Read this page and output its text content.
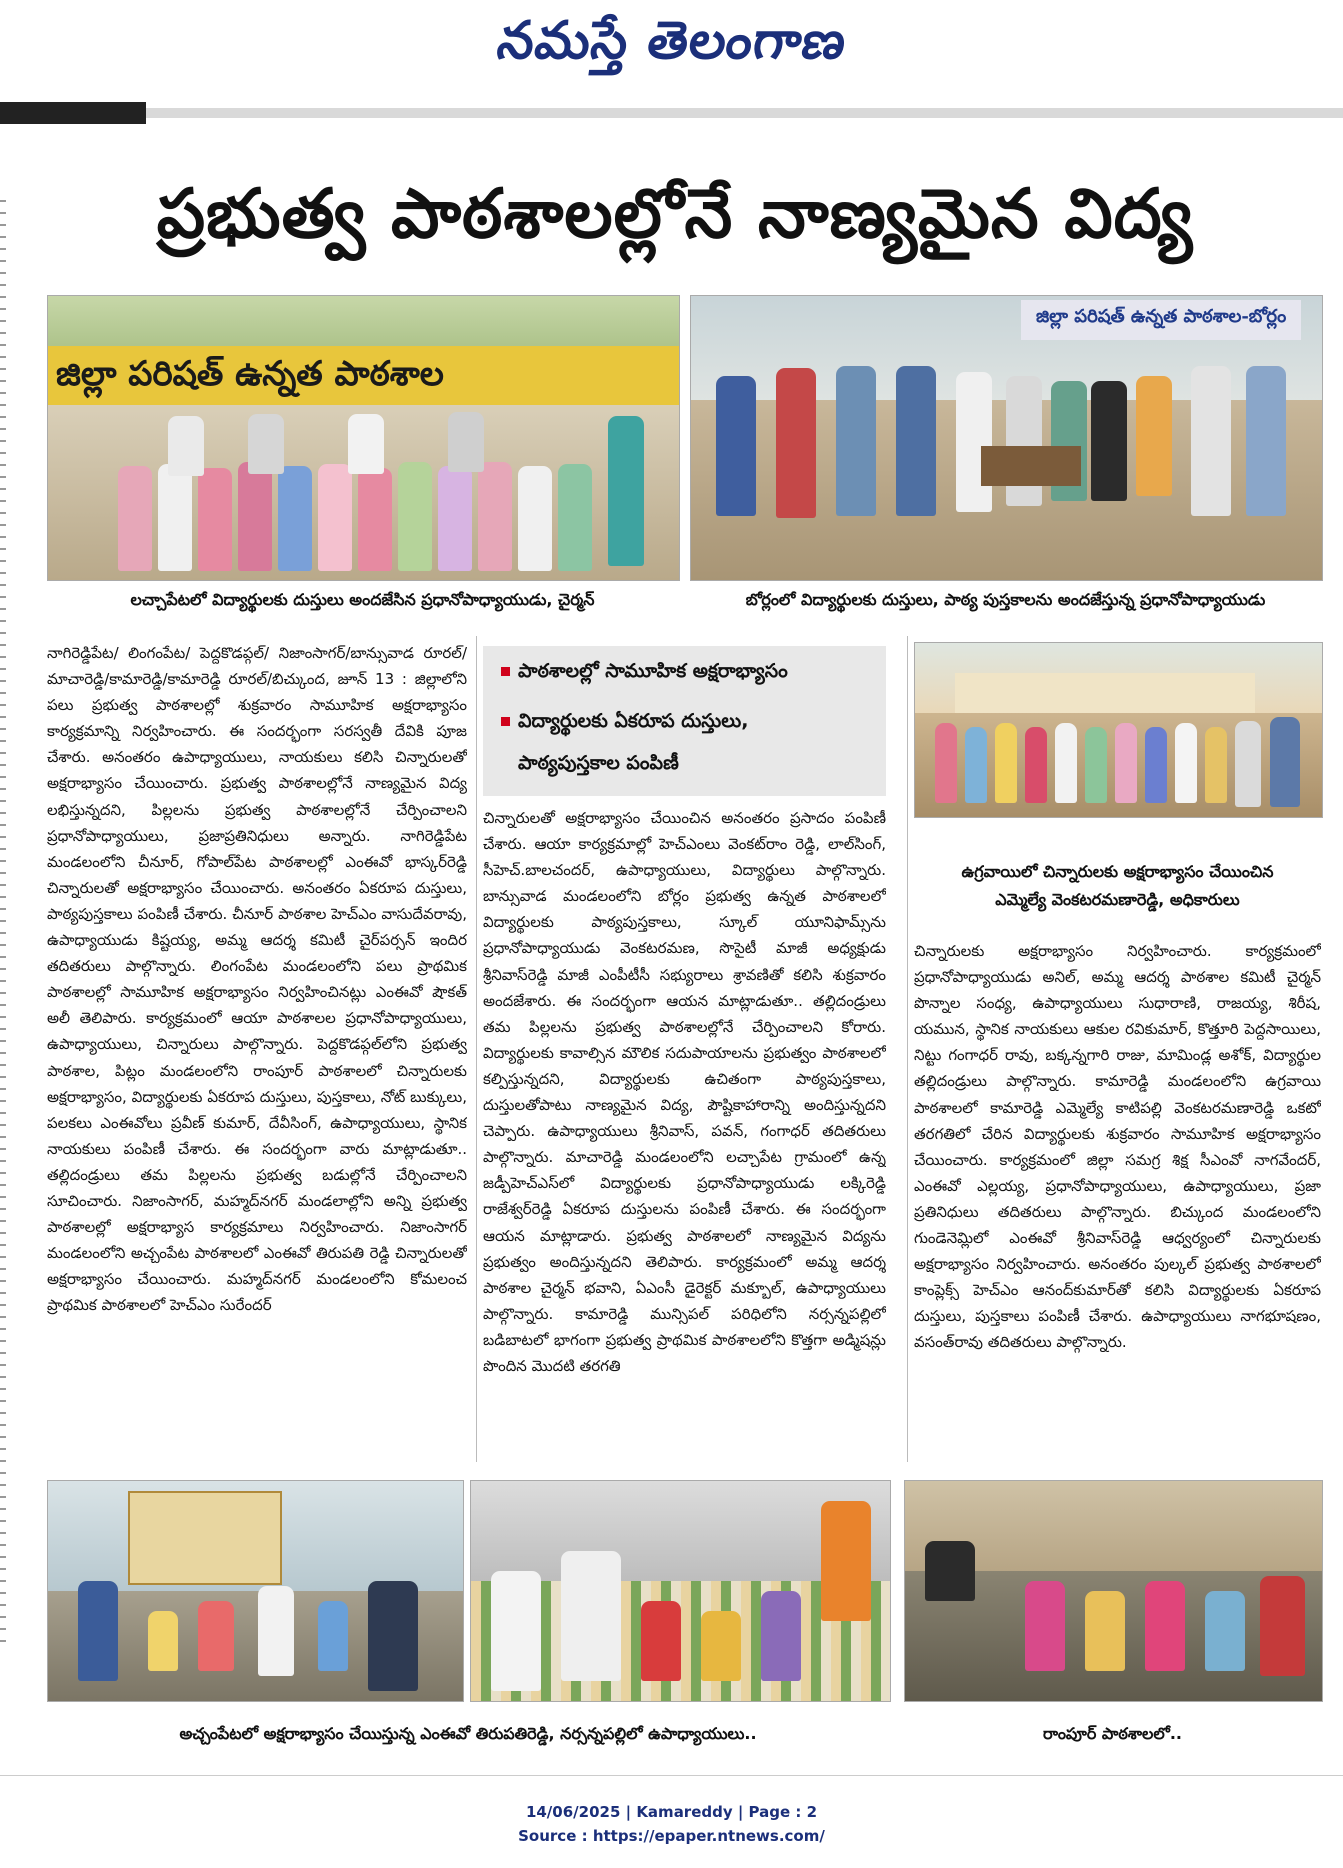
నమస్తే తెలంగాణ
ప్రభుత్వ పాఠశాలల్లోనే నాణ్యమైన విద్య
జిల్లా పరిషత్ ఉన్నత పాఠశాల
లచ్చాపేటలో విద్యార్థులకు దుస్తులు అందజేసిన ప్రధానోపాధ్యాయుడు, చైర్మన్
జిల్లా పరిషత్ ఉన్నత పాఠశాల-బోర్లం
బోర్లంలో విద్యార్థులకు దుస్తులు, పాఠ్య పుస్తకాలను అందజేస్తున్న ప్రధానోపాధ్యాయుడు

నాగిరెడ్డిపేట/ లింగంపేట/ పెద్దకొడప్గల్/ నిజాంసాగర్/బాన్సువాడ రూరల్/మాచారెడ్డి/కామారెడ్డి/కామారెడ్డి రూరల్/బిచ్కుంద, జూన్ 13 : జిల్లాలోని పలు ప్రభుత్వ పాఠశాలల్లో శుక్రవారం సామూహిక అక్షరాభ్యాసం కార్యక్రమాన్ని నిర్వహించారు. ఈ సందర్భంగా సరస్వతీ దేవికి పూజ చేశారు. అనంతరం ఉపాధ్యాయులు, నాయకులు కలిసి చిన్నారులతో అక్షరాభ్యాసం చేయించారు. ప్రభుత్వ పాఠశాలల్లోనే నాణ్యమైన విద్య లభిస్తున్నదని, పిల్లలను ప్రభుత్వ పాఠశాలల్లోనే చేర్పించాలని ప్రధానోపాధ్యాయులు, ప్రజాప్రతినిధులు అన్నారు. నాగిరెడ్డిపేట మండలంలోని చీనూర్, గోపాల్‌పేట పాఠశాలల్లో ఎంఈవో భాస్కర్‌రెడ్డి చిన్నారులతో అక్షరాభ్యాసం చేయించారు. అనంతరం ఏకరూప దుస్తులు, పాఠ్యపుస్తకాలు పంపిణీ చేశారు. చీనూర్ పాఠశాల హెచ్‌ఎం వాసుదేవరావు, ఉపాధ్యాయుడు కిష్టయ్య, అమ్మ ఆదర్శ కమిటీ చైర్‌పర్సన్ ఇందిర తదితరులు పాల్గొన్నారు. లింగంపేట మండలంలోని పలు ప్రాథమిక పాఠశాలల్లో సామూహిక అక్షరాభ్యాసం నిర్వహించినట్లు ఎంఈవో షౌకత్ అలీ తెలిపారు. కార్యక్రమంలో ఆయా పాఠశాలల ప్రధానోపాధ్యాయులు, ఉపాధ్యాయులు, చిన్నారులు పాల్గొన్నారు. పెద్దకొడప్గల్‌లోని ప్రభుత్వ పాఠశాల, పిట్లం మండలంలోని రాంపూర్ పాఠశాలలో చిన్నారులకు అక్షరాభ్యాసం, విద్యార్థులకు ఏకరూప దుస్తులు, పుస్తకాలు, నోట్ బుక్కులు, పలకలు ఎంఈవోలు ప్రవీణ్ కుమార్, దేవీసింగ్, ఉపాధ్యాయులు, స్థానిక నాయకులు పంపిణీ చేశారు. ఈ సందర్భంగా వారు మాట్లాడుతూ.. తల్లిదండ్రులు తమ పిల్లలను ప్రభుత్వ బడుల్లోనే చేర్పించాలని సూచించారు. నిజాంసాగర్, మహ్మద్‌నగర్ మండలాల్లోని అన్ని ప్రభుత్వ పాఠశాలల్లో అక్షరాభ్యాస కార్యక్రమాలు నిర్వహించారు. నిజాంసాగర్ మండలంలోని అచ్చంపేట పాఠశాలలో ఎంఈవో తిరుపతి రెడ్డి చిన్నారులతో అక్షరాభ్యాసం చేయించారు. మహ్మద్‌నగర్ మండలంలోని కోమలంచ ప్రాథమిక పాఠశాలలో హెచ్‌ఎం సురేందర్

పాఠశాలల్లో సామూహిక అక్షరాభ్యాసం
విద్యార్థులకు ఏకరూప దుస్తులు,
పాఠ్యపుస్తకాల పంపిణీ

చిన్నారులతో అక్షరాభ్యాసం చేయించిన అనంతరం ప్రసాదం పంపిణీ చేశారు. ఆయా కార్యక్రమాల్లో హెచ్‌ఎంలు వెంకట్‌రాం రెడ్డి, లాల్‌సింగ్, సీహెచ్.బాలచందర్, ఉపాధ్యాయులు, విద్యార్థులు పాల్గొన్నారు. బాన్సువాడ మండలంలోని బోర్లం ప్రభుత్వ ఉన్నత పాఠశాలలో విద్యార్థులకు పాఠ్యపుస్తకాలు, స్కూల్ యూనిఫామ్స్‌ను ప్రధానోపాధ్యాయుడు వెంకటరమణ, సొసైటీ మాజీ అధ్యక్షుడు శ్రీనివాస్‌రెడ్డి మాజీ ఎంపీటీసీ సభ్యురాలు శ్రావణితో కలిసి శుక్రవారం అందజేశారు. ఈ సందర్భంగా ఆయన మాట్లాడుతూ.. తల్లిదండ్రులు తమ పిల్లలను ప్రభుత్వ పాఠశాలల్లోనే చేర్పించాలని కోరారు. విద్యార్థులకు కావాల్సిన మౌలిక సదుపాయాలను ప్రభుత్వం పాఠశాలలో కల్పిస్తున్నదని, విద్యార్థులకు ఉచితంగా పాఠ్యపుస్తకాలు, దుస్తులతోపాటు నాణ్యమైన విద్య, పౌష్టికాహారాన్ని అందిస్తున్నదని చెప్పారు. ఉపాధ్యాయులు శ్రీనివాస్, పవన్, గంగాధర్ తదితరులు పాల్గొన్నారు. మాచారెడ్డి మండలంలోని లచ్చాపేట గ్రామంలో ఉన్న జడ్పీహెచ్‌ఎస్‌లో విద్యార్థులకు ప్రధానోపాధ్యాయుడు లక్కిరెడ్డి రాజేశ్వర్‌రెడ్డి ఏకరూప దుస్తులను పంపిణీ చేశారు. ఈ సందర్భంగా ఆయన మాట్లాడారు. ప్రభుత్వ పాఠశాలలో నాణ్యమైన విద్యను ప్రభుత్వం అందిస్తున్నదని తెలిపారు. కార్యక్రమంలో అమ్మ ఆదర్శ పాఠశాల చైర్మన్ భవాని, ఏఎంసీ డైరెక్టర్ మక్బూల్, ఉపాధ్యాయులు పాల్గొన్నారు. కామారెడ్డి మున్సిపల్ పరిధిలోని నర్సన్నపల్లిలో బడిబాటలో భాగంగా ప్రభుత్వ ప్రాథమిక పాఠశాలలోని కొత్తగా అడ్మిషన్లు పొందిన మొదటి తరగతి

ఉగ్రవాయిలో చిన్నారులకు అక్షరాభ్యాసం చేయించిన
ఎమ్మెల్యే వెంకటరమణారెడ్డి, అధికారులు

చిన్నారులకు అక్షరాభ్యాసం నిర్వహించారు. కార్యక్రమంలో ప్రధానోపాధ్యాయుడు అనిల్, అమ్మ ఆదర్శ పాఠశాల కమిటీ చైర్మన్ పొన్నాల సంధ్య, ఉపాధ్యాయులు సుధారాణి, రాజయ్య, శిరీష, యమున, స్థానిక నాయకులు ఆకుల రవికుమార్, కొత్తూరి పెద్దసాయిలు, నిట్టు గంగాధర్ రావు, బక్కన్నగారి రాజు, మామిండ్ల అశోక్, విద్యార్థుల తల్లిదండ్రులు పాల్గొన్నారు. కామారెడ్డి మండలంలోని ఉగ్రవాయి పాఠశాలలో కామారెడ్డి ఎమ్మెల్యే కాటిపల్లి వెంకటరమణారెడ్డి ఒకటో తరగతిలో చేరిన విద్యార్థులకు శుక్రవారం సామూహిక అక్షరాభ్యాసం చేయించారు. కార్యక్రమంలో జిల్లా సమగ్ర శిక్ష సీఎంవో నాగవేందర్, ఎంఈవో ఎల్లయ్య, ప్రధానోపాధ్యాయులు, ఉపాధ్యాయులు, ప్రజా ప్రతినిధులు తదితరులు పాల్గొన్నారు. బిచ్కుంద మండలంలోని గుండెనెమ్లిలో ఎంఈవో శ్రీనివాస్‌రెడ్డి ఆధ్వర్యంలో చిన్నారులకు అక్షరాభ్యాసం నిర్వహించారు. అనంతరం పుల్కల్ ప్రభుత్వ పాఠశాలలో కాంప్లెక్స్ హెచ్‌ఎం ఆనంద్‌కుమార్‌తో కలిసి విద్యార్థులకు ఏకరూప దుస్తులు, పుస్తకాలు పంపిణీ చేశారు. ఉపాధ్యాయులు నాగభూషణం, వసంత్‌రావు తదితరులు పాల్గొన్నారు.

అచ్చంపేటలో అక్షరాభ్యాసం చేయిస్తున్న ఎంఈవో తిరుపతిరెడ్డి, నర్సన్నపల్లిలో ఉపాధ్యాయులు..	రాంపూర్ పాఠశాలలో..
14/06/2025 | Kamareddy | Page : 2
Source : https://epaper.ntnews.com/
